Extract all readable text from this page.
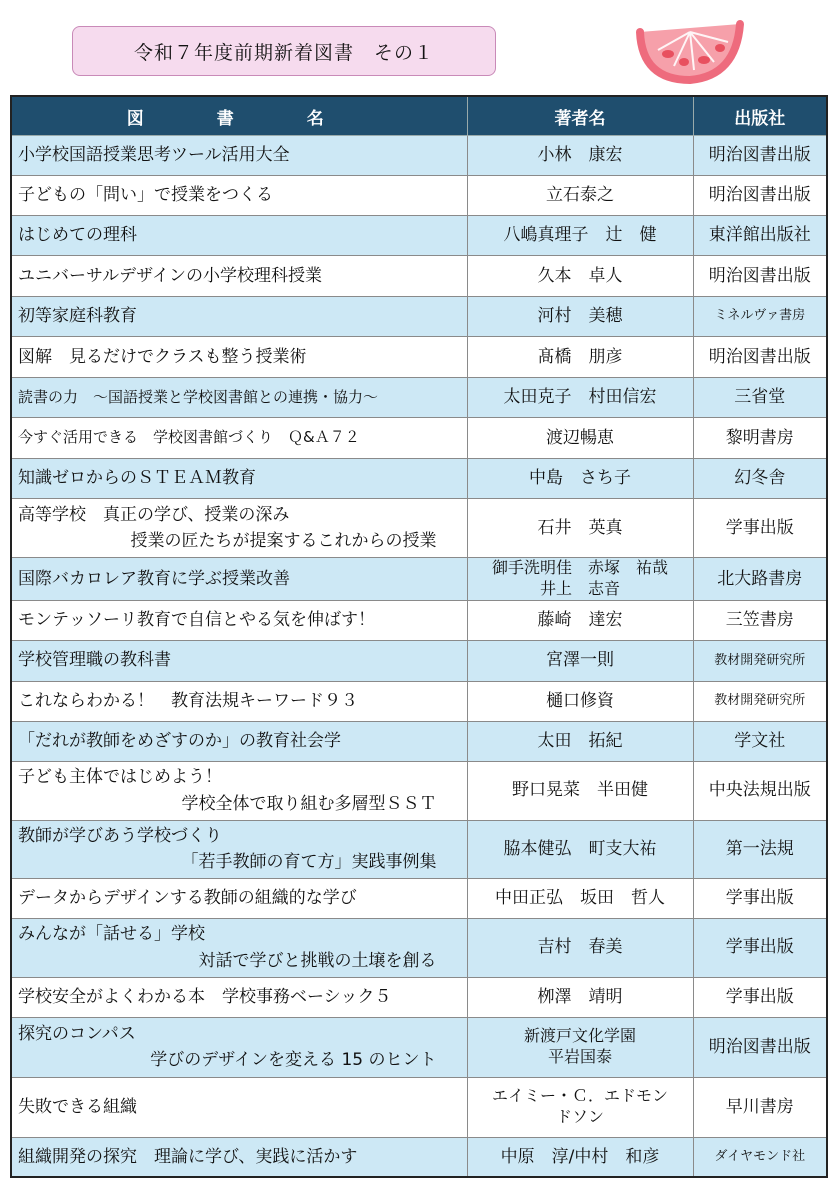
令和７年度前期新着図書　その１
図　書　名	著者名	出版社

小学校国語授業思考ツール活用大全	小林　康宏	明治図書出版

子どもの「問い」で授業をつくる	立石泰之	明治図書出版

はじめての理科	八嶋真理子　辻　健	東洋館出版社

ユニバーサルデザインの小学校理科授業	久本　卓人	明治図書出版

初等家庭科教育	河村　美穂	ミネルヴァ書房

図解　見るだけでクラスも整う授業術	髙橋　朋彦	明治図書出版

読書の力　～国語授業と学校図書館との連携・協力～	太田克子　村田信宏	三省堂

今すぐ活用できる　学校図書館づくり　Ｑ&Ａ７２	渡辺暢恵	黎明書房

知識ゼロからのＳＴＥＡＭ教育	中島　さち子	幻冬舎

高等学校　真正の学び、授業の深み
授業の匠たちが提案するこれからの授業	石井　英真	学事出版

国際バカロレア教育に学ぶ授業改善	御手洗明佳　赤塚　祐哉
井上　志音	北大路書房

モンテッソーリ教育で自信とやる気を伸ばす！	藤崎　達宏	三笠書房

学校管理職の教科書	宮澤一則	教材開発研究所

これならわかる！　教育法規キーワード９３	樋口修資	教材開発研究所

「だれが教師をめざすのか」の教育社会学	太田　拓紀	学文社

子ども主体ではじめよう！
学校全体で取り組む多層型ＳＳＴ	野口晃菜　半田健	中央法規出版

教師が学びあう学校づくり
「若手教師の育て方」実践事例集	脇本健弘　町支大祐	第一法規

データからデザインする教師の組織的な学び	中田正弘　坂田　哲人	学事出版

みんなが「話せる」学校
対話で学びと挑戦の土壌を創る	吉村　春美	学事出版

学校安全がよくわかる本　学校事務ベーシック５	栁澤　靖明	学事出版

探究のコンパス
学びのデザインを変える 15 のヒント	新渡戸文化学園
平岩国泰	明治図書出版

失敗できる組織	エイミー・Ｃ．エドモン
ドソン	早川書房

組織開発の探究　理論に学び、実践に活かす	中原　淳/中村　和彦	ダイヤモンド社
